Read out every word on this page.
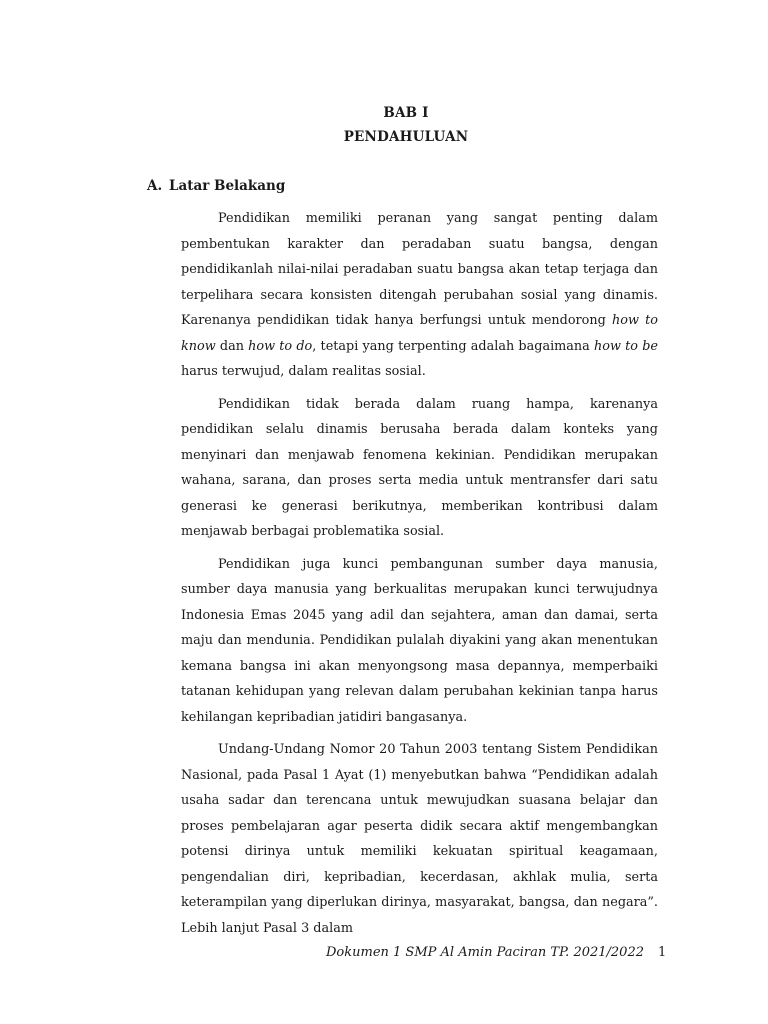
BAB I
PENDAHULUAN
A. Latar Belakang

Pendidikan memiliki peranan yang sangat penting dalam pembentukan karakter dan peradaban suatu bangsa, dengan pendidikanlah nilai-nilai peradaban suatu bangsa akan tetap terjaga dan terpelihara secara konsisten ditengah perubahan sosial yang dinamis. Karenanya pendidikan tidak hanya berfungsi untuk mendorong how to know dan how to do, tetapi yang terpenting adalah bagaimana how to be harus terwujud, dalam realitas sosial.

Pendidikan tidak berada dalam ruang hampa, karenanya pendidikan selalu dinamis berusaha berada dalam konteks yang menyinari dan menjawab fenomena kekinian. Pendidikan merupakan wahana, sarana, dan proses serta media untuk mentransfer dari satu generasi ke generasi berikutnya, memberikan kontribusi dalam menjawab berbagai problematika sosial.

Pendidikan juga kunci pembangunan sumber daya manusia, sumber daya manusia yang berkualitas merupakan kunci terwujudnya Indonesia Emas 2045 yang adil dan sejahtera, aman dan damai, serta maju dan mendunia. Pendidikan pulalah diyakini yang akan menentukan kemana bangsa ini akan menyongsong masa depannya, memperbaiki tatanan kehidupan yang relevan dalam perubahan kekinian tanpa harus kehilangan kepribadian jatidiri bangasanya.

Undang-Undang Nomor 20 Tahun 2003 tentang Sistem Pendidikan Nasional, pada Pasal 1 Ayat (1) menyebutkan bahwa “Pendidikan adalah usaha sadar dan terencana untuk mewujudkan suasana belajar dan proses pembelajaran agar peserta didik secara aktif mengembangkan potensi dirinya untuk memiliki kekuatan spiritual keagamaan, pengendalian diri, kepribadian, kecerdasan, akhlak mulia, serta keterampilan yang diperlukan dirinya, masyarakat, bangsa, dan negara”. Lebih lanjut Pasal 3 dalam

Dokumen 1 SMP Al Amin Paciran TP. 2021/2022 1
